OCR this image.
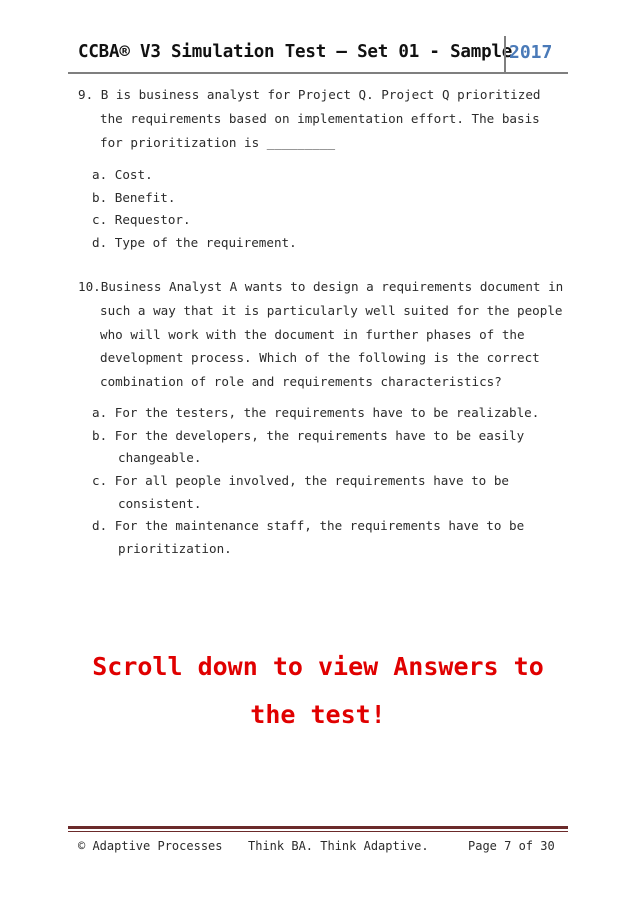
CCBA® V3 Simulation Test – Set 01 - Sample
2017
9. B is business analyst for Project Q. Project Q prioritized
the requirements based on implementation effort. The basis
for prioritization is _________
a. Cost.
b. Benefit.
c. Requestor.
d. Type of the requirement.
10.Business Analyst A wants to design a requirements document in
such a way that it is particularly well suited for the people
who will work with the document in further phases of the
development process. Which of the following is the correct
combination of role and requirements characteristics?
a. For the testers, the requirements have to be realizable.
b. For the developers, the requirements have to be easily
changeable.
c. For all people involved, the requirements have to be
consistent.
d. For the maintenance staff, the requirements have to be
prioritization.
Scroll down to view Answers to
the test!
© Adaptive Processes Think BA. Think Adaptive.	Page 7 of 30
